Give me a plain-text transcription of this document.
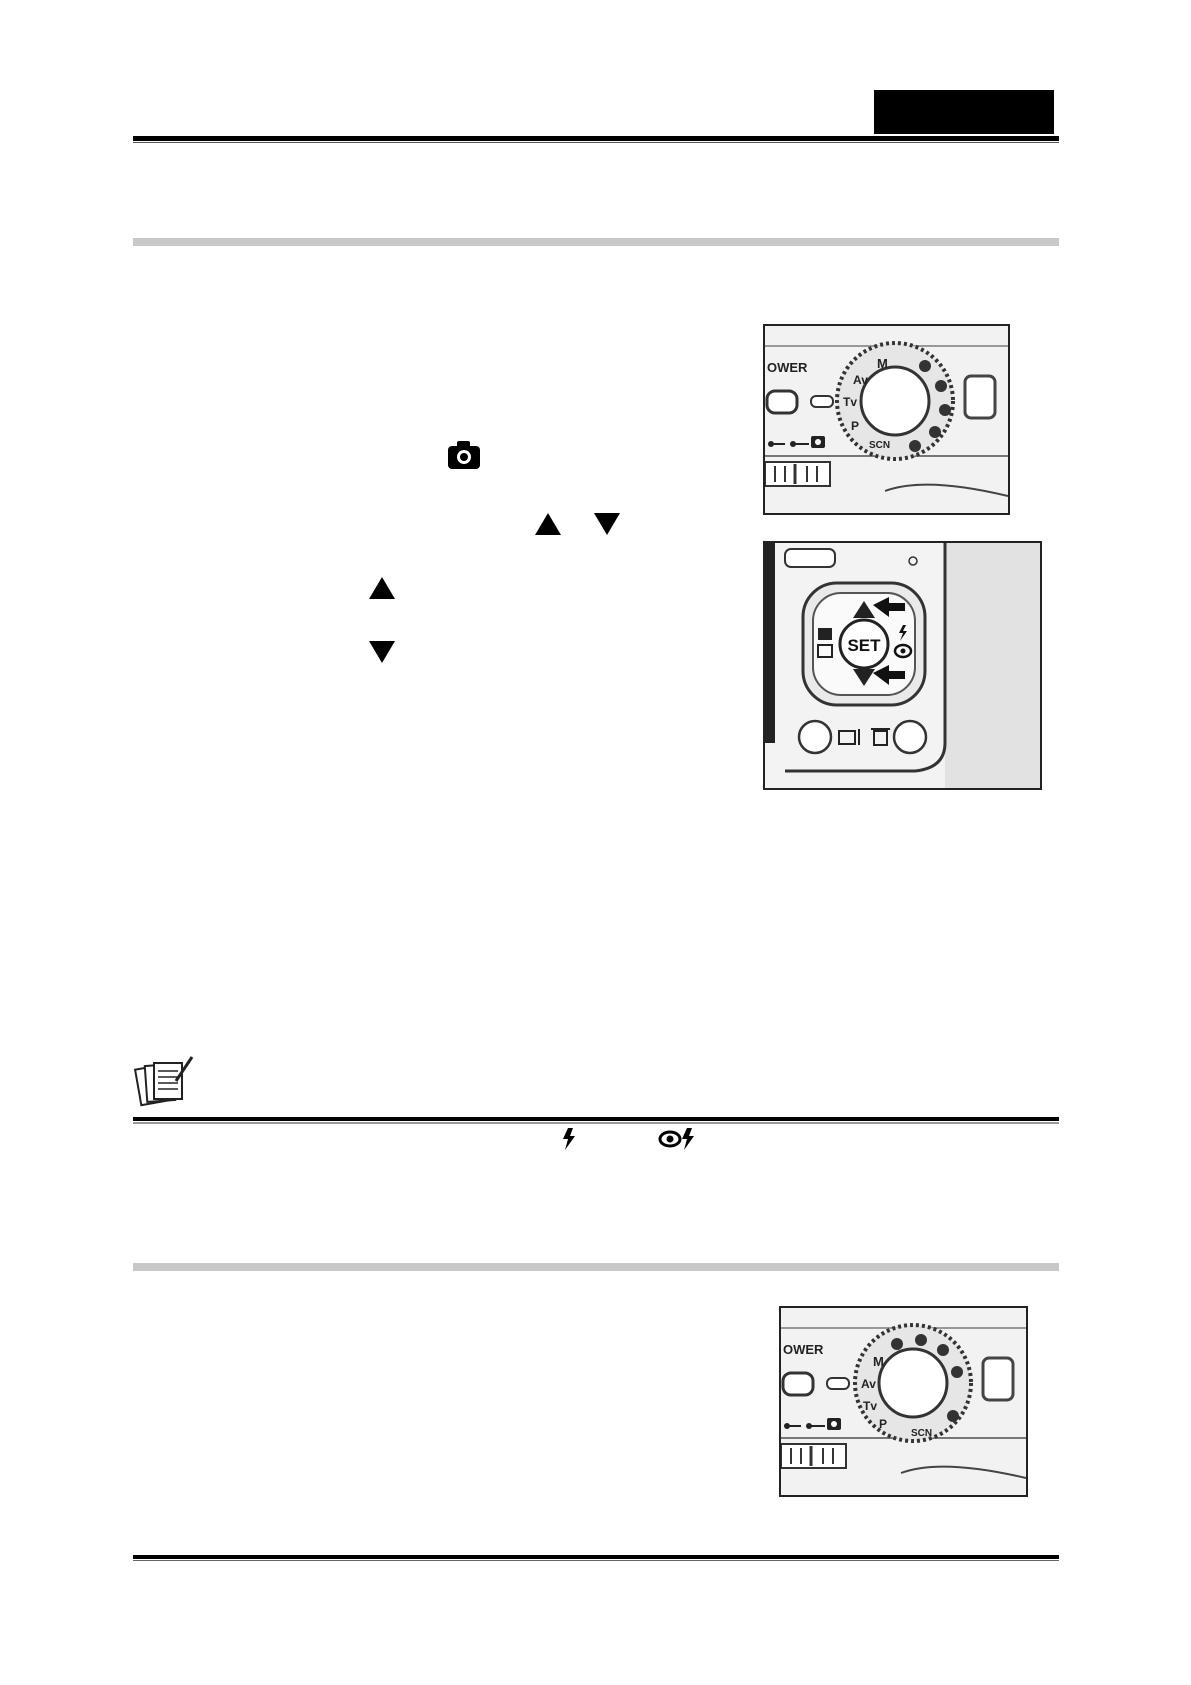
OWER	M
Av
Tv
P
SCN
SET
OWER
M
Av
Tv
P
SCN
